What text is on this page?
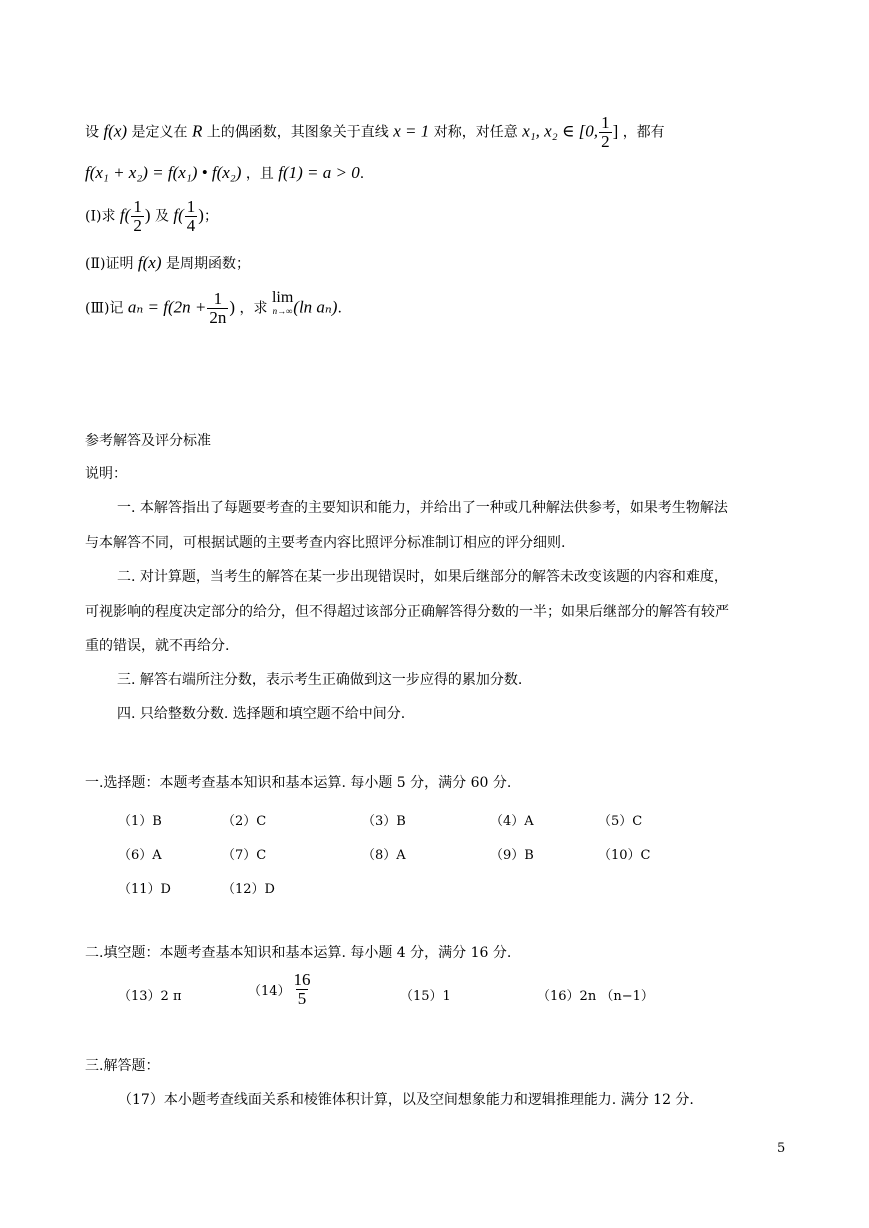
设 f(x) 是定义在 R 上的偶函数，其图象关于直线 x = 1 对称，对任意 x₁, x₂ ∈ [0, $\frac{1}{2}$ ] ，都有
f(x₁ + x₂) = f(x₁) • f(x₂) ，且 f(1) = a > 0.
(Ⅰ)求 $f( \frac{1}{2}$ ) 及 $f( \frac{1}{4}$ )；
(Ⅱ)证明 f(x) 是周期函数；
(Ⅲ)记 $a_n = f(2n + \frac{1}{2n}$ ) ，求
lim
n→∞ (ln aₙ).
参考解答及评分标准
说明：
一. 本解答指出了每题要考查的主要知识和能力，并给出了一种或几种解法供参考，如果考生物解法
与本解答不同，可根据试题的主要考查内容比照评分标准制订相应的评分细则.
二. 对计算题，当考生的解答在某一步出现错误时，如果后继部分的解答未改变该题的内容和难度，
可视影响的程度决定部分的给分，但不得超过该部分正确解答得分数的一半；如果后继部分的解答有较严
重的错误，就不再给分.
三. 解答右端所注分数，表示考生正确做到这一步应得的累加分数.
四. 只给整数分数. 选择题和填空题不给中间分.
一.选择题：本题考查基本知识和基本运算. 每小题 5 分，满分 60 分.
（1）B	（2）C	（3）B	（4）A	（5）C
（6）A	（7）C	（8）A	（9）B	（10）C
（11）D	（12）D
二.填空题：本题考查基本知识和基本运算. 每小题 4 分，满分 16 分.
（13）2 π	$(14) \frac{16}{5}$	（15）1	（16）2n （n−1）
三.解答题：
（17）本小题考查线面关系和棱锥体积计算，以及空间想象能力和逻辑推理能力. 满分 12 分.
5
